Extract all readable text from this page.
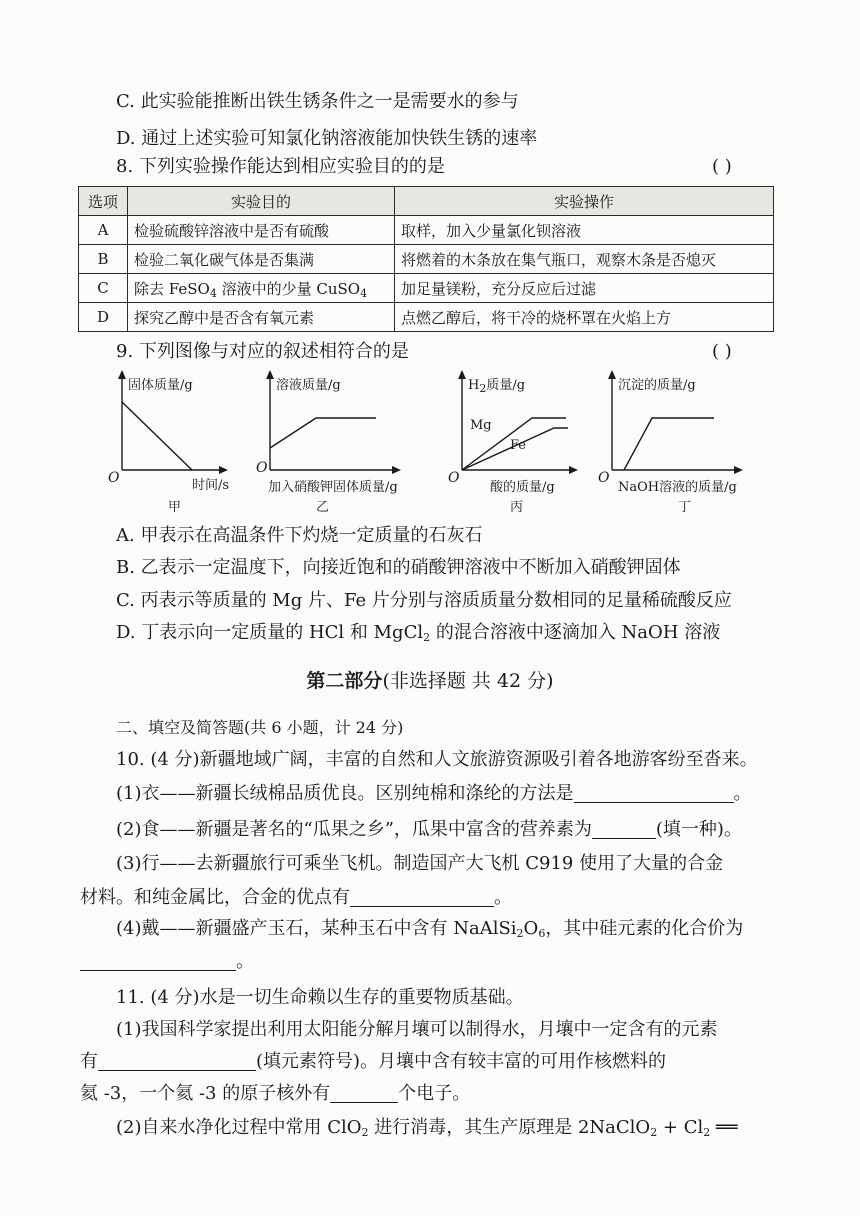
C. 此实验能推断出铁生锈条件之一是需要水的参与
D. 通过上述实验可知氯化钠溶液能加快铁生锈的速率
8. 下列实验操作能达到相应实验目的的是	( )
选项	实验目的	实验操作
A	检验硫酸锌溶液中是否有硫酸	取样，加入少量氯化钡溶液
B	检验二氧化碳气体是否集满	将燃着的木条放在集气瓶口，观察木条是否熄灭
C	除去 FeSO$_4$ 溶液中的少量 CuSO$_4$	加足量镁粉，充分反应后过滤
D	探究乙醇中是否含有氧元素	点燃乙醇后，将干冷的烧杯罩在火焰上方
9. 下列图像与对应的叙述相符合的是	( )
固体质量/g
O	时间/s
甲
溶液质量/g
O
加入硝酸钾固体质量/g
乙
$H_2$质量/g
Mg
Fe
O
酸的质量/g
丙
沉淀的质量/g
O
NaOH溶液的质量/g
丁
A. 甲表示在高温条件下灼烧一定质量的石灰石
B. 乙表示一定温度下，向接近饱和的硝酸钾溶液中不断加入硝酸钾固体
C. 丙表示等质量的 Mg 片、Fe 片分别与溶质质量分数相同的足量稀硫酸反应
D. 丁表示向一定质量的 HCl 和 MgCl$_2$ 的混合溶液中逐滴加入 NaOH 溶液
第二部分(非选择题 共 42 分)
二、填空及简答题(共 6 小题，计 24 分)
10. (4 分)新疆地域广阔，丰富的自然和人文旅游资源吸引着各地游客纷至沓来。
(1)衣——新疆长绒棉品质优良。区别纯棉和涤纶的方法是	。
(2)食——新疆是著名的“瓜果之乡”，瓜果中富含的营养素为	(填一种)。
(3)行——去新疆旅行可乘坐飞机。制造国产大飞机 C919 使用了大量的合金
材料。和纯金属比，合金的优点有	。
(4)戴——新疆盛产玉石，某种玉石中含有 $NaAlSi_2O_6$，其中硅元素的化合价为
。
11. (4 分)水是一切生命赖以生存的重要物质基础。
(1)我国科学家提出利用太阳能分解月壤可以制得水，月壤中一定含有的元素
有	(填元素符号)。月壤中含有较丰富的可用作核燃料的
氦 -3，一个氦 -3 的原子核外有	个电子。
(2)自来水净化过程中常用 ClO$_2$ 进行消毒，其生产原理是 2NaClO$_2$ + $Cl_2$ ══
